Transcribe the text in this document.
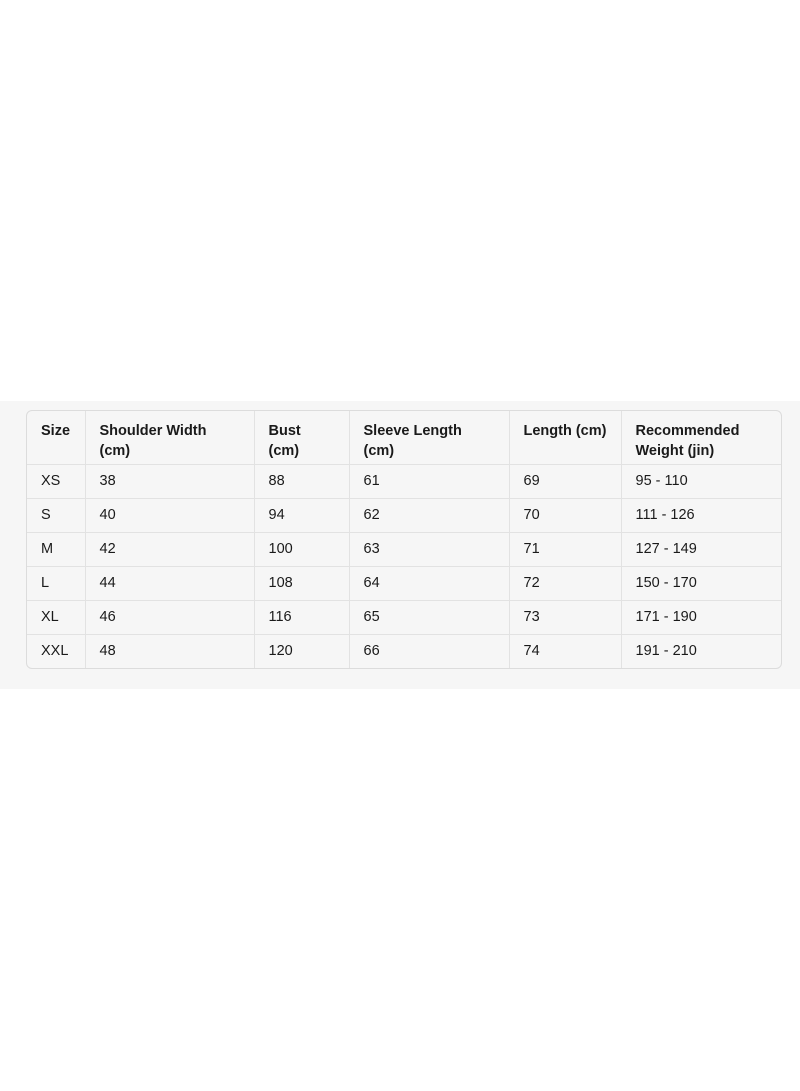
Size	Shoulder Width (cm)	Bust (cm)	Sleeve Length (cm)	Length (cm)	Recommended Weight (jin)
XS	38	88	61	69	95 - 110
S	40	94	62	70	111 - 126
M	42	100	63	71	127 - 149
L	44	108	64	72	150 - 170
XL	46	116	65	73	171 - 190
XXL	48	120	66	74	191 - 210
